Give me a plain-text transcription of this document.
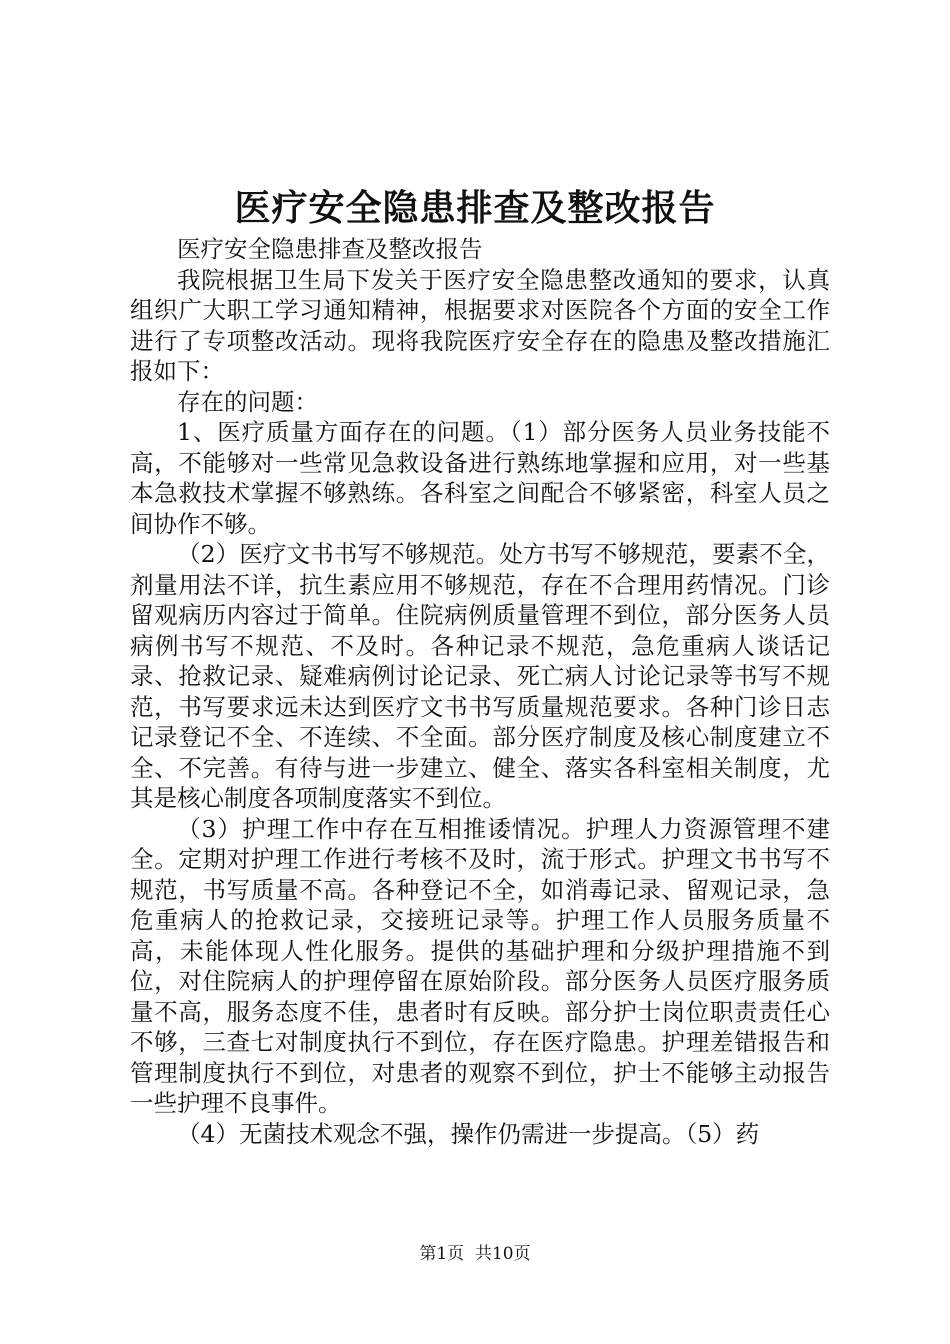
医疗安全隐患排查及整改报告

医疗安全隐患排查及整改报告

我院根据卫生局下发关于医疗安全隐患整改通知的要求，认真组织广大职工学习通知精神，根据要求对医院各个方面的安全工作进行了专项整改活动。现将我院医疗安全存在的隐患及整改措施汇报如下：

存在的问题：

1、医疗质量方面存在的问题。（1）部分医务人员业务技能不高，不能够对一些常见急救设备进行熟练地掌握和应用，对一些基本急救技术掌握不够熟练。各科室之间配合不够紧密，科室人员之间协作不够。

（2）医疗文书书写不够规范。处方书写不够规范，要素不全，剂量用法不详，抗生素应用不够规范，存在不合理用药情况。门诊留观病历内容过于简单。住院病例质量管理不到位，部分医务人员病例书写不规范、不及时。各种记录不规范，急危重病人谈话记录、抢救记录、疑难病例讨论记录、死亡病人讨论记录等书写不规范，书写要求远未达到医疗文书书写质量规范要求。各种门诊日志记录登记不全、不连续、不全面。部分医疗制度及核心制度建立不全、不完善。有待与进一步建立、健全、落实各科室相关制度，尤其是核心制度各项制度落实不到位。

（3）护理工作中存在互相推诿情况。护理人力资源管理不建全。定期对护理工作进行考核不及时，流于形式。护理文书书写不规范，书写质量不高。各种登记不全，如消毒记录、留观记录，急危重病人的抢救记录，交接班记录等。护理工作人员服务质量不高，未能体现人性化服务。提供的基础护理和分级护理措施不到位，对住院病人的护理停留在原始阶段。部分医务人员医疗服务质量不高，服务态度不佳，患者时有反映。部分护士岗位职责责任心不够，三查七对制度执行不到位，存在医疗隐患。护理差错报告和管理制度执行不到位，对患者的观察不到位，护士不能够主动报告一些护理不良事件。

（4）无菌技术观念不强，操作仍需进一步提高。（5）药

第1页  共10页
